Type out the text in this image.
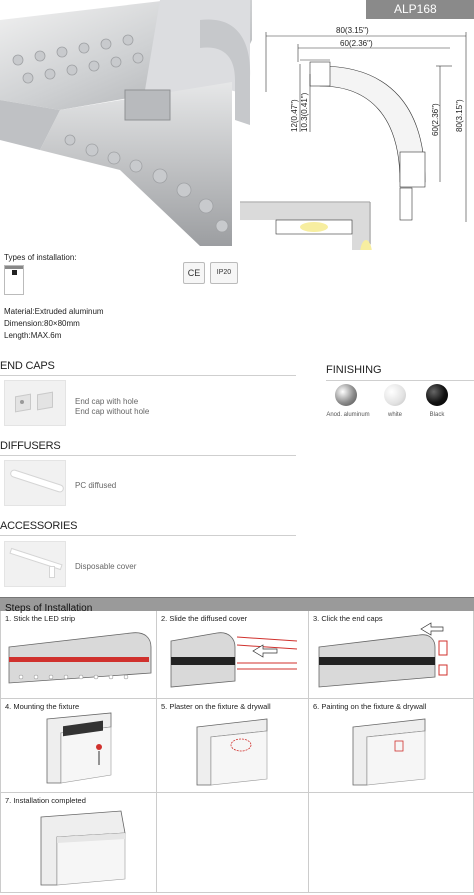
ALP168
80(3.15")
60(2.36")
80(3.15")
60(2.36")
12(0.47") 10.3(0.41")
Types of installation:
CE	IP20
Material:Extruded aluminum
Dimension:80×80mm
Length:MAX.6m
END CAPS
End cap with hole
End cap without hole
FINISHING
Anod. aluminum	white	Black
DIFFUSERS
PC diffused
ACCESSORIES
Disposable cover
Steps of Installation
1. Stick the LED strip	2. Slide the diffused cover	3. Click the end caps
4. Mounting the fixture	5. Plaster on the fixture & drywall	6. Painting on the fixture & drywall
7. Installation completed
